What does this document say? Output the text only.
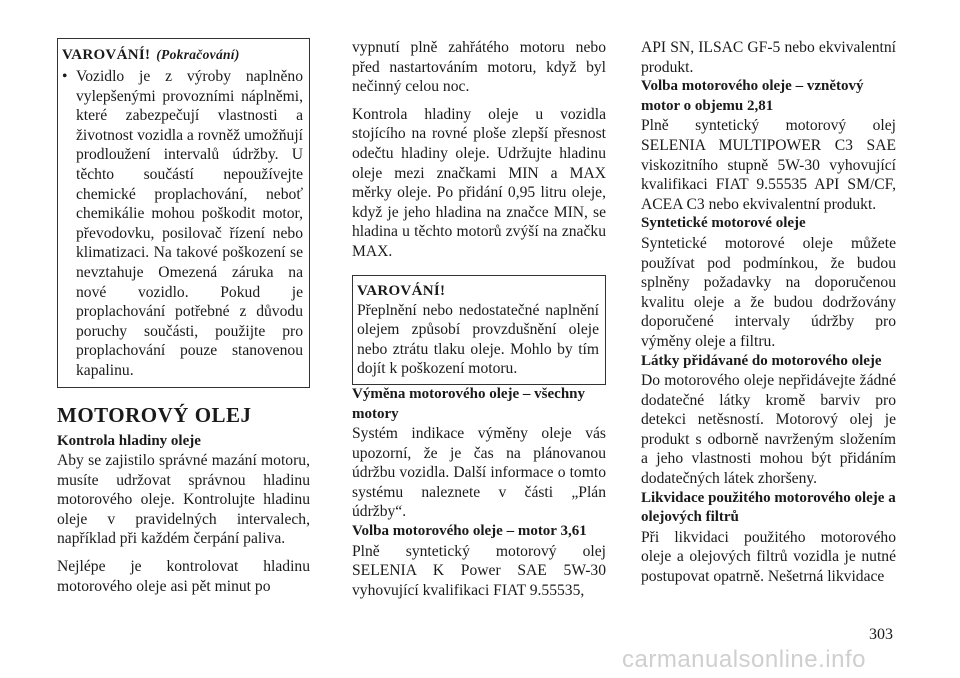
VAROVÁNÍ! (Pokračování)
• Vozidlo je z výroby naplněno vylepšenými provozními náplněmi, které zabezpečují vlastnosti a životnost vozidla a rovněž umožňují prodloužení intervalů údržby. U těchto součástí nepoužívejte chemické proplachování, neboť chemikálie mohou poškodit motor, převodovku, posilovač řízení nebo klimatizaci. Na takové poškození se nevztahuje Omezená záruka na nové vozidlo. Pokud je proplachování potřebné z důvodu poruchy součásti, použijte pro proplachování pouze stanovenou kapalinu.
MOTOROVÝ OLEJ
Kontrola hladiny oleje

Aby se zajistilo správné mazání motoru, musíte udržovat správnou hladinu motorového oleje. Kontrolujte hladinu oleje v pravidelných intervalech, například při každém čerpání paliva.

Nejlépe je kontrolovat hladinu motorového oleje asi pět minut po

vypnutí plně zahřátého motoru nebo před nastartováním motoru, když byl nečinný celou noc.

Kontrola hladiny oleje u vozidla stojícího na rovné ploše zlepší přesnost odečtu hladiny oleje. Udržujte hladinu oleje mezi značkami MIN a MAX měrky oleje. Po přidání 0,95 litru oleje, když je jeho hladina na značce MIN, se hladina u těchto motorů zvýší na značku MAX.

VAROVÁNÍ!

Přeplnění nebo nedostatečné naplnění olejem způsobí provzdušnění oleje nebo ztrátu tlaku oleje. Mohlo by tím dojít k poškození motoru.

Výměna motorového oleje – všechny motory

Systém indikace výměny oleje vás upozorní, že je čas na plánovanou údržbu vozidla. Další informace o tomto systému naleznete v části „Plán údržby“.

Volba motorového oleje – motor 3,61

Plně syntetický motorový olej SELENIA K Power SAE 5W-30 vyhovující kvalifikaci FIAT 9.55535,

API SN, ILSAC GF-5 nebo ekvivalentní produkt.

Volba motorového oleje – vznětový motor o objemu 2,81

Plně syntetický motorový olej SELENIA MULTIPOWER C3 SAE viskozitního stupně 5W-30 vyhovující kvalifikaci FIAT 9.55535 API SM/CF, ACEA C3 nebo ekvivalentní produkt.

Syntetické motorové oleje

Syntetické motorové oleje můžete používat pod podmínkou, že budou splněny požadavky na doporučenou kvalitu oleje a že budou dodržovány doporučené intervaly údržby pro výměny oleje a filtru.

Látky přidávané do motorového oleje

Do motorového oleje nepřidávejte žádné dodatečné látky kromě barviv pro detekci netěsností. Motorový olej je produkt s odborně navrženým složením a jeho vlastnosti mohou být přidáním dodatečných látek zhoršeny.

Likvidace použitého motorového oleje a olejových filtrů

Při likvidaci použitého motorového oleje a olejových filtrů vozidla je nutné postupovat opatrně. Nešetrná likvidace

303
carmanualsonline.info
